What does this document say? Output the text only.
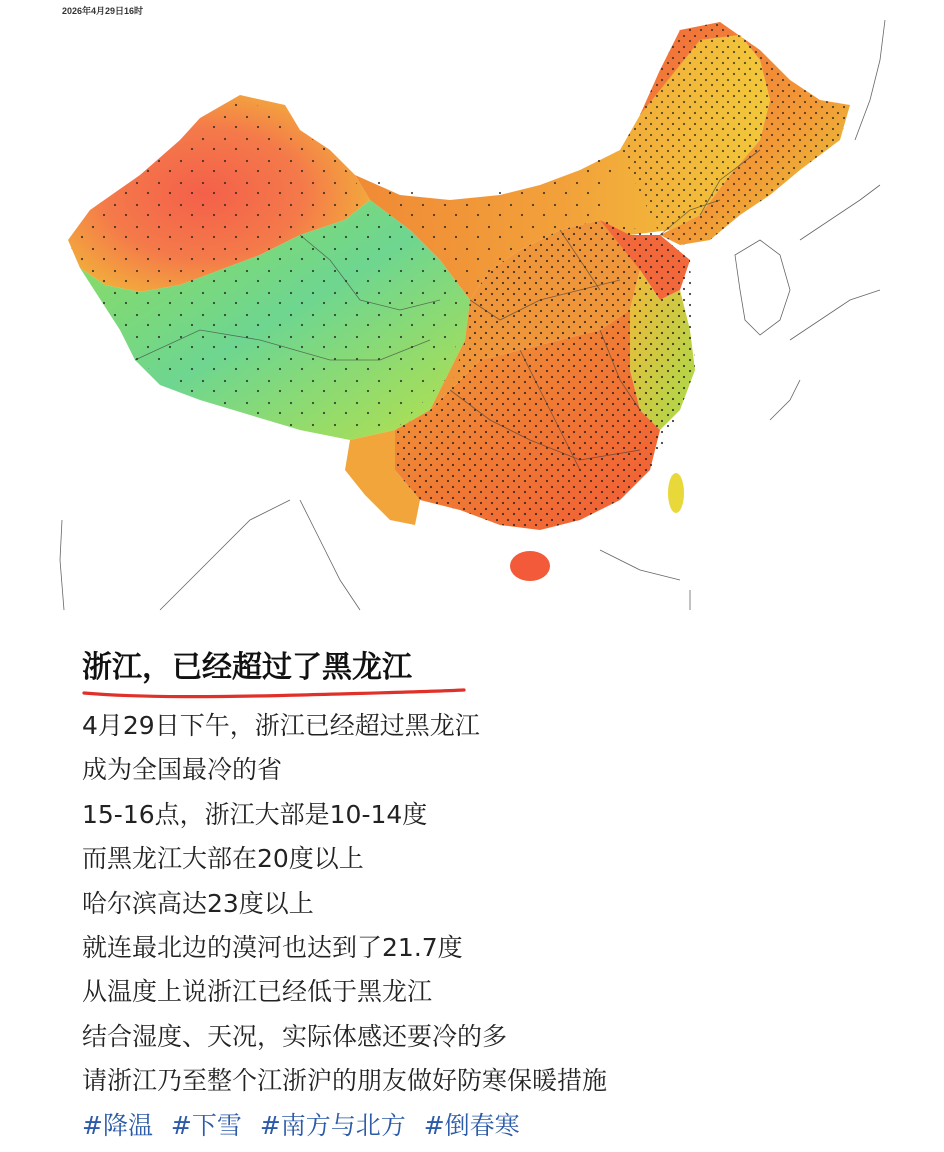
2026年4月29日16时
浙江，已经超过了黑龙江
4月29日下午，浙江已经超过黑龙江
成为全国最冷的省
15-16点，浙江大部是10-14度
而黑龙江大部在20度以上
哈尔滨高达23度以上
就连最北边的漠河也达到了21.7度
从温度上说浙江已经低于黑龙江
结合湿度、天况，实际体感还要冷的多
请浙江乃至整个江浙沪的朋友做好防寒保暖措施
#降温 #下雪 #南方与北方 #倒春寒
